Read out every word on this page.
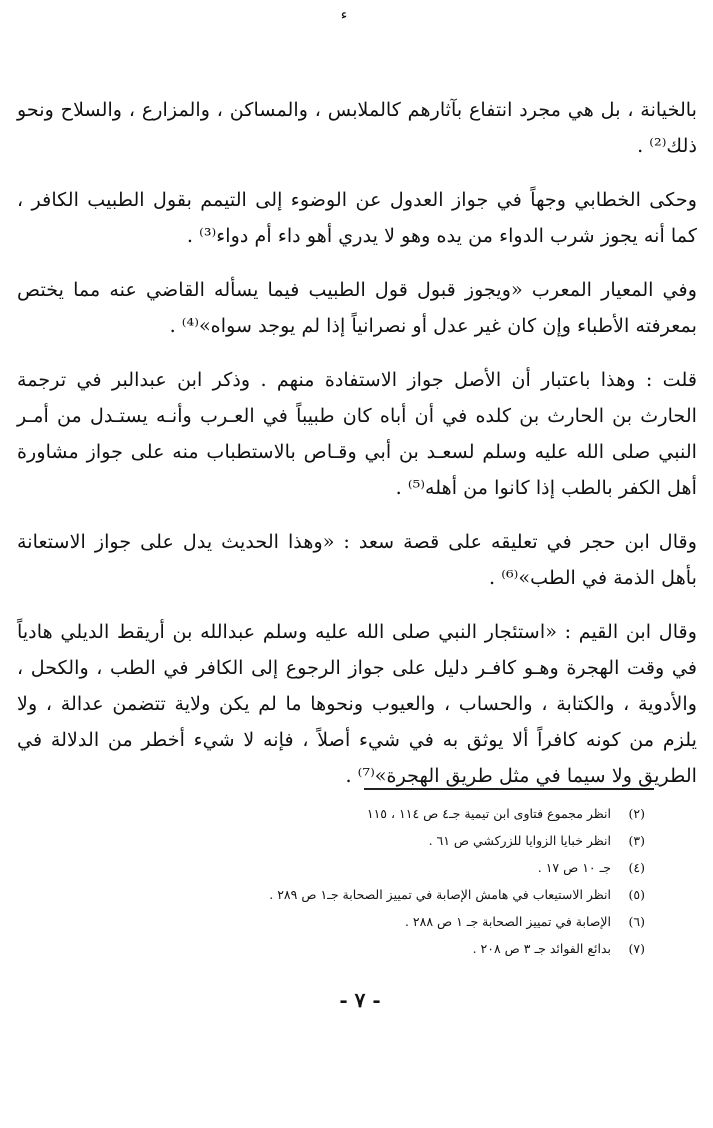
ء

بالخيانة ، بل هي مجرد انتفاع بآثارهم كالملابس ، والمساكن ، والمزارع ، والسلاح ونحو ذلك⁽²⁾ .

وحكى الخطابي وجهاً في جواز العدول عن الوضوء إلى التيمم بقول الطبيب الكافر ، كما أنه يجوز شرب الدواء من يده وهو لا يدري أهو داء أم دواء⁽³⁾ .

وفي المعيار المعرب «ويجوز قبول قول الطبيب فيما يسأله القاضي عنه مما يختص بمعرفته الأطباء وإن كان غير عدل أو نصرانياً إذا لم يوجد سواه»⁽⁴⁾ .

قلت : وهذا باعتبار أن الأصل جواز الاستفادة منهم . وذكر ابن عبدالبر في ترجمة الحارث بن الحارث بن كلده في أن أباه كان طبيباً في العـرب وأنـه يستـدل من أمـر النبي صلى الله عليه وسلم لسعـد بن أبي وقـاص بالاستطباب منه على جواز مشاورة أهل الكفر بالطب إذا كانوا من أهله⁽⁵⁾ .

وقال ابن حجر في تعليقه على قصة سعد : «وهذا الحديث يدل على جواز الاستعانة بأهل الذمة في الطب»⁽⁶⁾ .

وقال ابن القيم : «استئجار النبي صلى الله عليه وسلم عبدالله بن أريقط الديلي هادياً في وقت الهجرة وهـو كافـر دليل على جواز الرجوع إلى الكافر في الطب ، والكحل ، والأدوية ، والكتابة ، والحساب ، والعيوب ونحوها ما لم يكن ولاية تتضمن عدالة ، ولا يلزم من كونه كافراً ألا يوثق به في شيء أصلاً ، فإنه لا شيء أخطر من الدلالة في الطريق ولا سيما في مثل طريق الهجرة»⁽⁷⁾ .

(٢) انظر مجموع فتاوى ابن تيمية جـ٤ ص ١١٤ ، ١١٥
(٣) انظر خبايا الزوايا للزركشي ص ٦١ .
(٤) جـ ١٠ ص ١٧ .
(٥) انظر الاستيعاب في هامش الإصابة في تمييز الصحابة جـ١ ص ٢٨٩ .
(٦) الإصابة في تمييز الصحابة جـ ١ ص ٢٨٨ .
(٧) بدائع الفوائد جـ ٣ ص ٢٠٨ .
- ٧ -
